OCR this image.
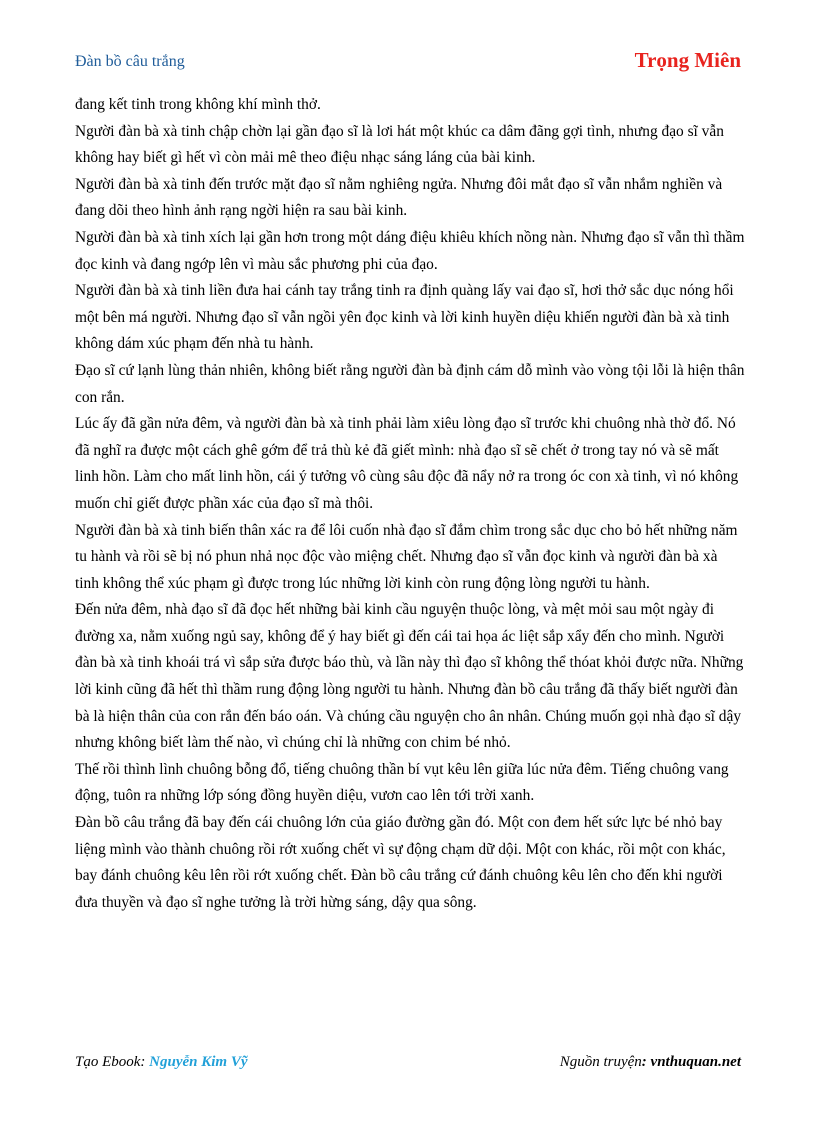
Đàn bồ câu trắng	Trọng Miên

đang kết tinh trong không khí mình thở.

Người đàn bà xà tinh chập chờn lại gần đạo sĩ là lơi hát một khúc ca dâm đãng gợi tình, nhưng đạo sĩ vẫn không hay biết gì hết vì còn mải mê theo điệu nhạc sáng láng của bài kinh.

Người đàn bà xà tinh đến trước mặt đạo sĩ nằm nghiêng ngửa. Nhưng đôi mắt đạo sĩ vẫn nhắm nghiền và đang dõi theo hình ảnh rạng ngời hiện ra sau bài kinh.

Người đàn bà xà tinh xích lại gần hơn trong một dáng điệu khiêu khích nồng nàn. Nhưng đạo sĩ vẫn thì thầm đọc kinh và đang ngớp lên vì màu sắc phương phi của đạo.

Người đàn bà xà tinh liền đưa hai cánh tay trắng tinh ra định quàng lấy vai đạo sĩ, hơi thở sắc dục nóng hổi một bên má người. Nhưng đạo sĩ vẫn ngồi yên đọc kinh và lời kinh huyền diệu khiến người đàn bà xà tinh không dám xúc phạm đến nhà tu hành.

Đạo sĩ cứ lạnh lùng thản nhiên, không biết rằng người đàn bà định cám dỗ mình vào vòng tội lỗi là hiện thân con rắn.

Lúc ấy đã gần nửa đêm, và người đàn bà xà tinh phải làm xiêu lòng đạo sĩ trước khi chuông nhà thờ đổ. Nó đã nghĩ ra được một cách ghê gớm để trả thù kẻ đã giết mình: nhà đạo sĩ sẽ chết ở trong tay nó và sẽ mất linh hồn. Làm cho mất linh hồn, cái ý tưởng vô cùng sâu độc đã nẩy nở ra trong óc con xà tinh, vì nó không muốn chỉ giết được phần xác của đạo sĩ mà thôi.

Người đàn bà xà tinh biến thân xác ra để lôi cuốn nhà đạo sĩ đắm chìm trong sắc dục cho bỏ hết những năm tu hành và rồi sẽ bị nó phun nhả nọc độc vào miệng chết. Nhưng đạo sĩ vẫn đọc kinh và người đàn bà xà tinh không thể xúc phạm gì được trong lúc những lời kinh còn rung động lòng người tu hành.

Đến nửa đêm, nhà đạo sĩ đã đọc hết những bài kinh cầu nguyện thuộc lòng, và mệt mỏi sau một ngày đi đường xa, nằm xuống ngủ say, không để ý hay biết gì đến cái tai họa ác liệt sắp xẩy đến cho mình. Người đàn bà xà tinh khoái trá vì sắp sửa được báo thù, và lần này thì đạo sĩ không thể thóat khỏi được nữa. Những lời kinh cũng đã hết thì thầm rung động lòng người tu hành. Nhưng đàn bồ câu trắng đã thấy biết người đàn bà là hiện thân của con rắn đến báo oán. Và chúng cầu nguyện cho ân nhân. Chúng muốn gọi nhà đạo sĩ dậy nhưng không biết làm thế nào, vì chúng chỉ là những con chim bé nhỏ.

Thế rồi thình lình chuông bỗng đổ, tiếng chuông thần bí vụt kêu lên giữa lúc nửa đêm. Tiếng chuông vang động, tuôn ra những lớp sóng đồng huyền diệu, vươn cao lên tới trời xanh.

Đàn bồ câu trắng đã bay đến cái chuông lớn của giáo đường gần đó. Một con đem hết sức lực bé nhỏ bay liệng mình vào thành chuông rồi rớt xuống chết vì sự động chạm dữ dội. Một con khác, rồi một con khác, bay đánh chuông kêu lên rồi rớt xuống chết. Đàn bồ câu trắng cứ đánh chuông kêu lên cho đến khi người đưa thuyền và đạo sĩ nghe tưởng là trời hừng sáng, dậy qua sông.

Tạo Ebook: Nguyễn Kim Vỹ	Nguồn truyện: vnthuquan.net
